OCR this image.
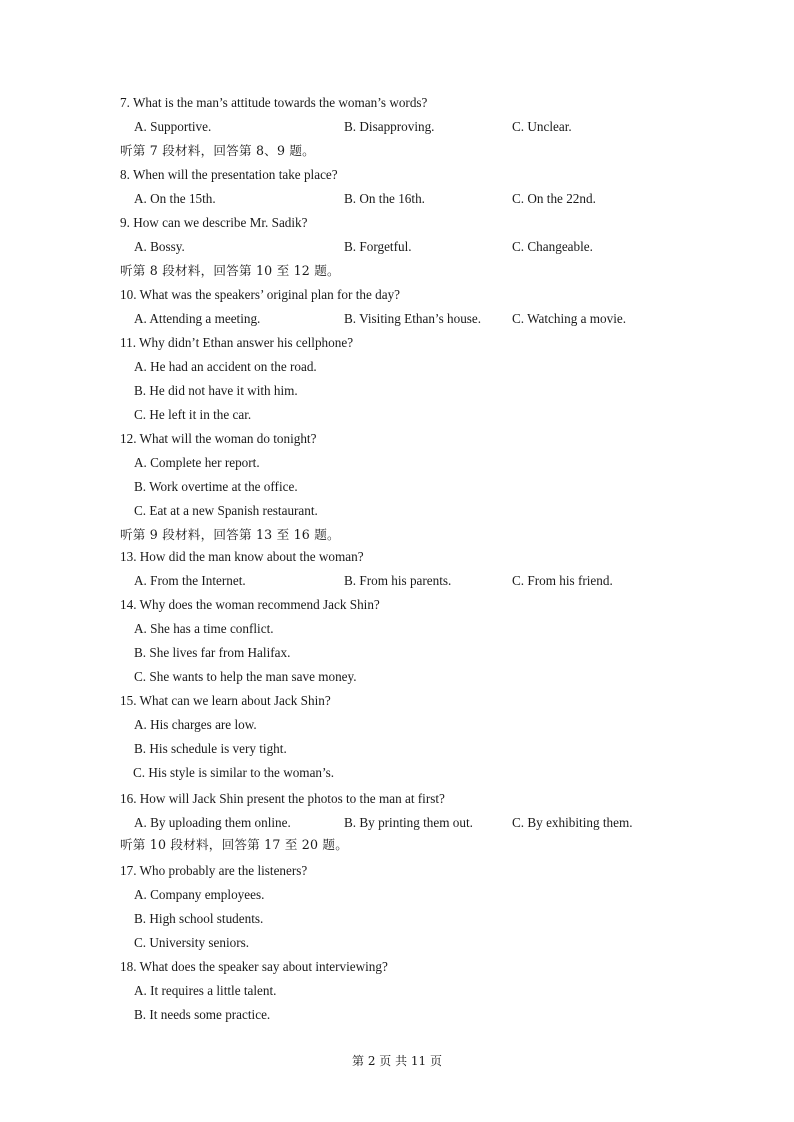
7. What is the man’s attitude towards the woman’s words?
A. Supportive.	B. Disapproving.	C. Unclear.
听第 7 段材料，回答第 8、9 题。
8. When will the presentation take place?
A. On the 15th.	B. On the 16th.	C. On the 22nd.
9. How can we describe Mr. Sadik?
A. Bossy.	B. Forgetful.	C. Changeable.
听第 8 段材料，回答第 10 至 12 题。
10. What was the speakers’ original plan for the day?
A. Attending a meeting.	B. Visiting Ethan’s house. C. Watching a movie.
11. Why didn’t Ethan answer his cellphone?
A. He had an accident on the road.
B. He did not have it with him.
C. He left it in the car.
12. What will the woman do tonight?
A. Complete her report.
B. Work overtime at the office.
C. Eat at a new Spanish restaurant.
听第 9 段材料，回答第 13 至 16 题。
13. How did the man know about the woman?
A. From the Internet.	B. From his parents.	C. From his friend.
14. Why does the woman recommend Jack Shin?
A. She has a time conflict.
B. She lives far from Halifax.
C. She wants to help the man save money.
15. What can we learn about Jack Shin?
A. His charges are low.
B. His schedule is very tight.
C. His style is similar to the woman’s.
16. How will Jack Shin present the photos to the man at first?
A. By uploading them online.	B. By printing them out.	C. By exhibiting them.
听第 10 段材料，回答第 17 至 20 题。
17. Who probably are the listeners?
A. Company employees.
B. High school students.
C. University seniors.
18. What does the speaker say about interviewing?
A. It requires a little talent.
B. It needs some practice.
第 2 页 共 11 页
